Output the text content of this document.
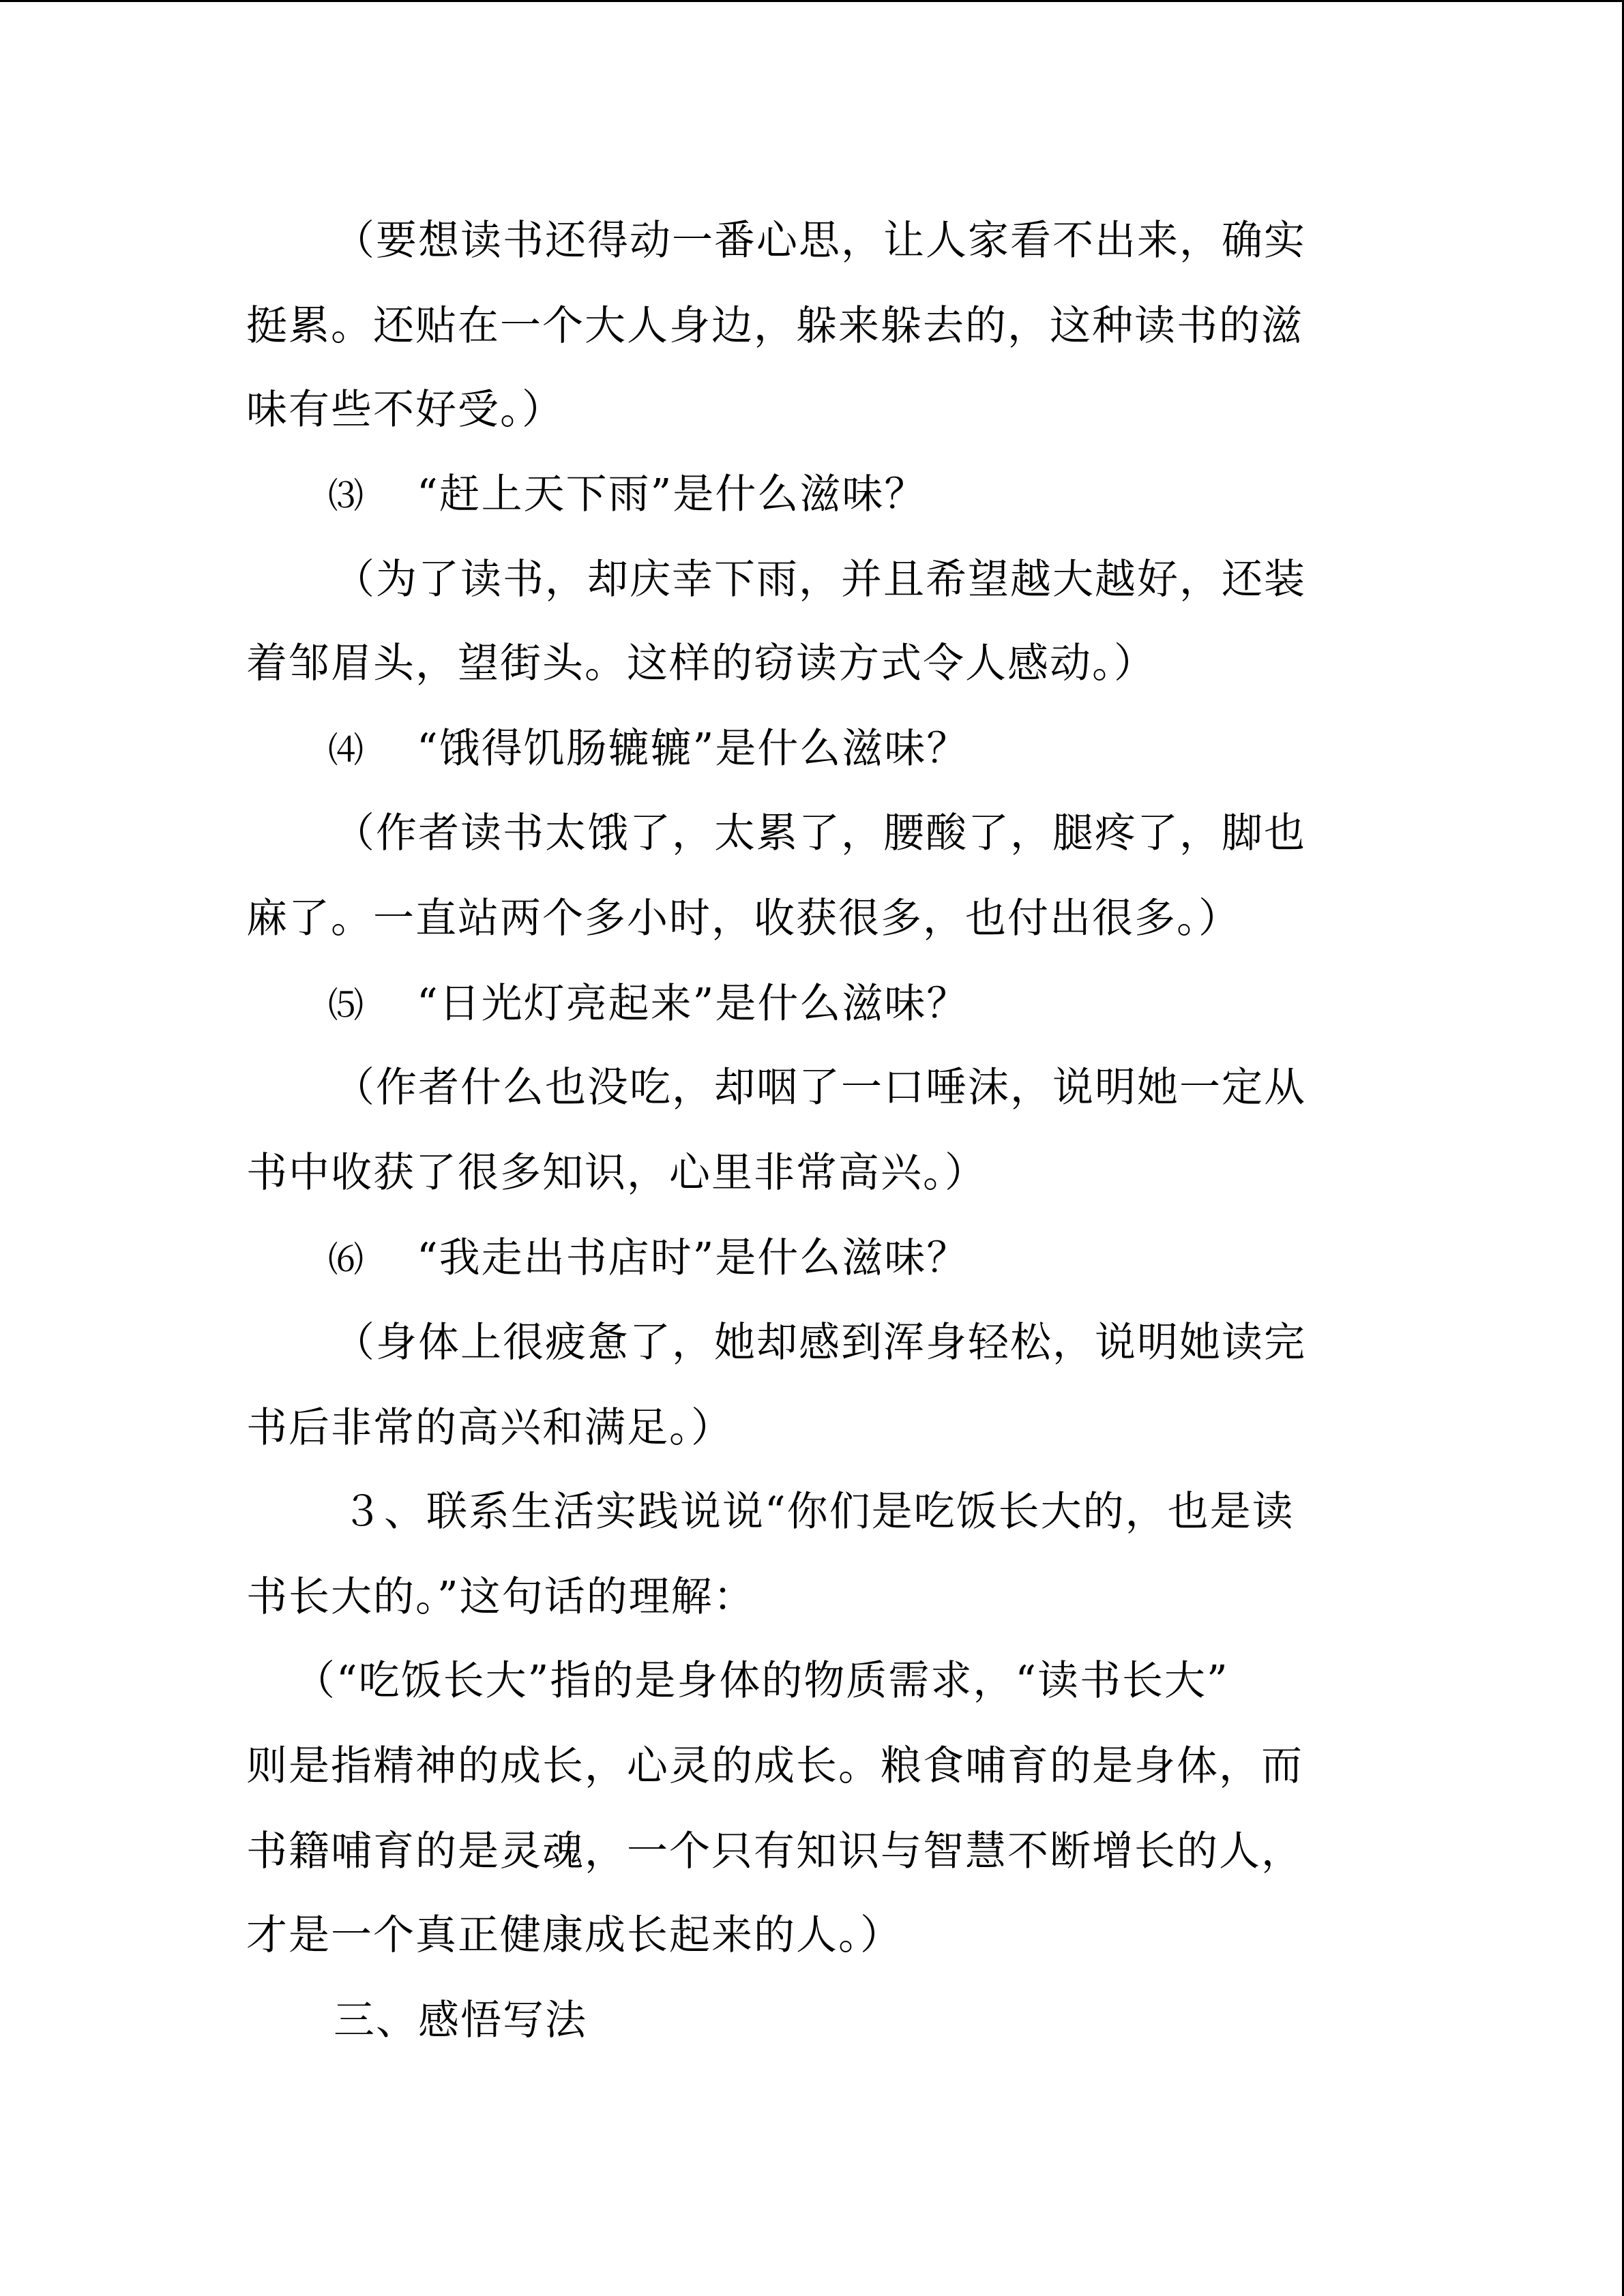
（要想读书还得动一番心思，让人家看不出来，确实
挺累。还贴在一个大人身边，躲来躲去的，这种读书的滋
味有些不好受。）
⑶ “赶上天下雨”是什么滋味？
（为了读书，却庆幸下雨，并且希望越大越好，还装
着邹眉头，望街头。这样的窃读方式令人感动。）
⑷ “饿得饥肠辘辘”是什么滋味？
（作者读书太饿了，太累了，腰酸了，腿疼了，脚也
麻了。一直站两个多小时，收获很多，也付出很多。）
⑸ “日光灯亮起来”是什么滋味？
（作者什么也没吃，却咽了一口唾沫，说明她一定从
书中收获了很多知识，心里非常高兴。）
⑹ “我走出书店时”是什么滋味？
（身体上很疲惫了，她却感到浑身轻松，说明她读完
书后非常的高兴和满足。）
３、联系生活实践说说“你们是吃饭长大的，也是读
书长大的。”这句话的理解：
（“吃饭长大”指的是身体的物质需求，“读书长大”
则是指精神的成长，心灵的成长。粮食哺育的是身体，而
书籍哺育的是灵魂，一个只有知识与智慧不断增长的人，
才是一个真正健康成长起来的人。）
三、感悟写法
